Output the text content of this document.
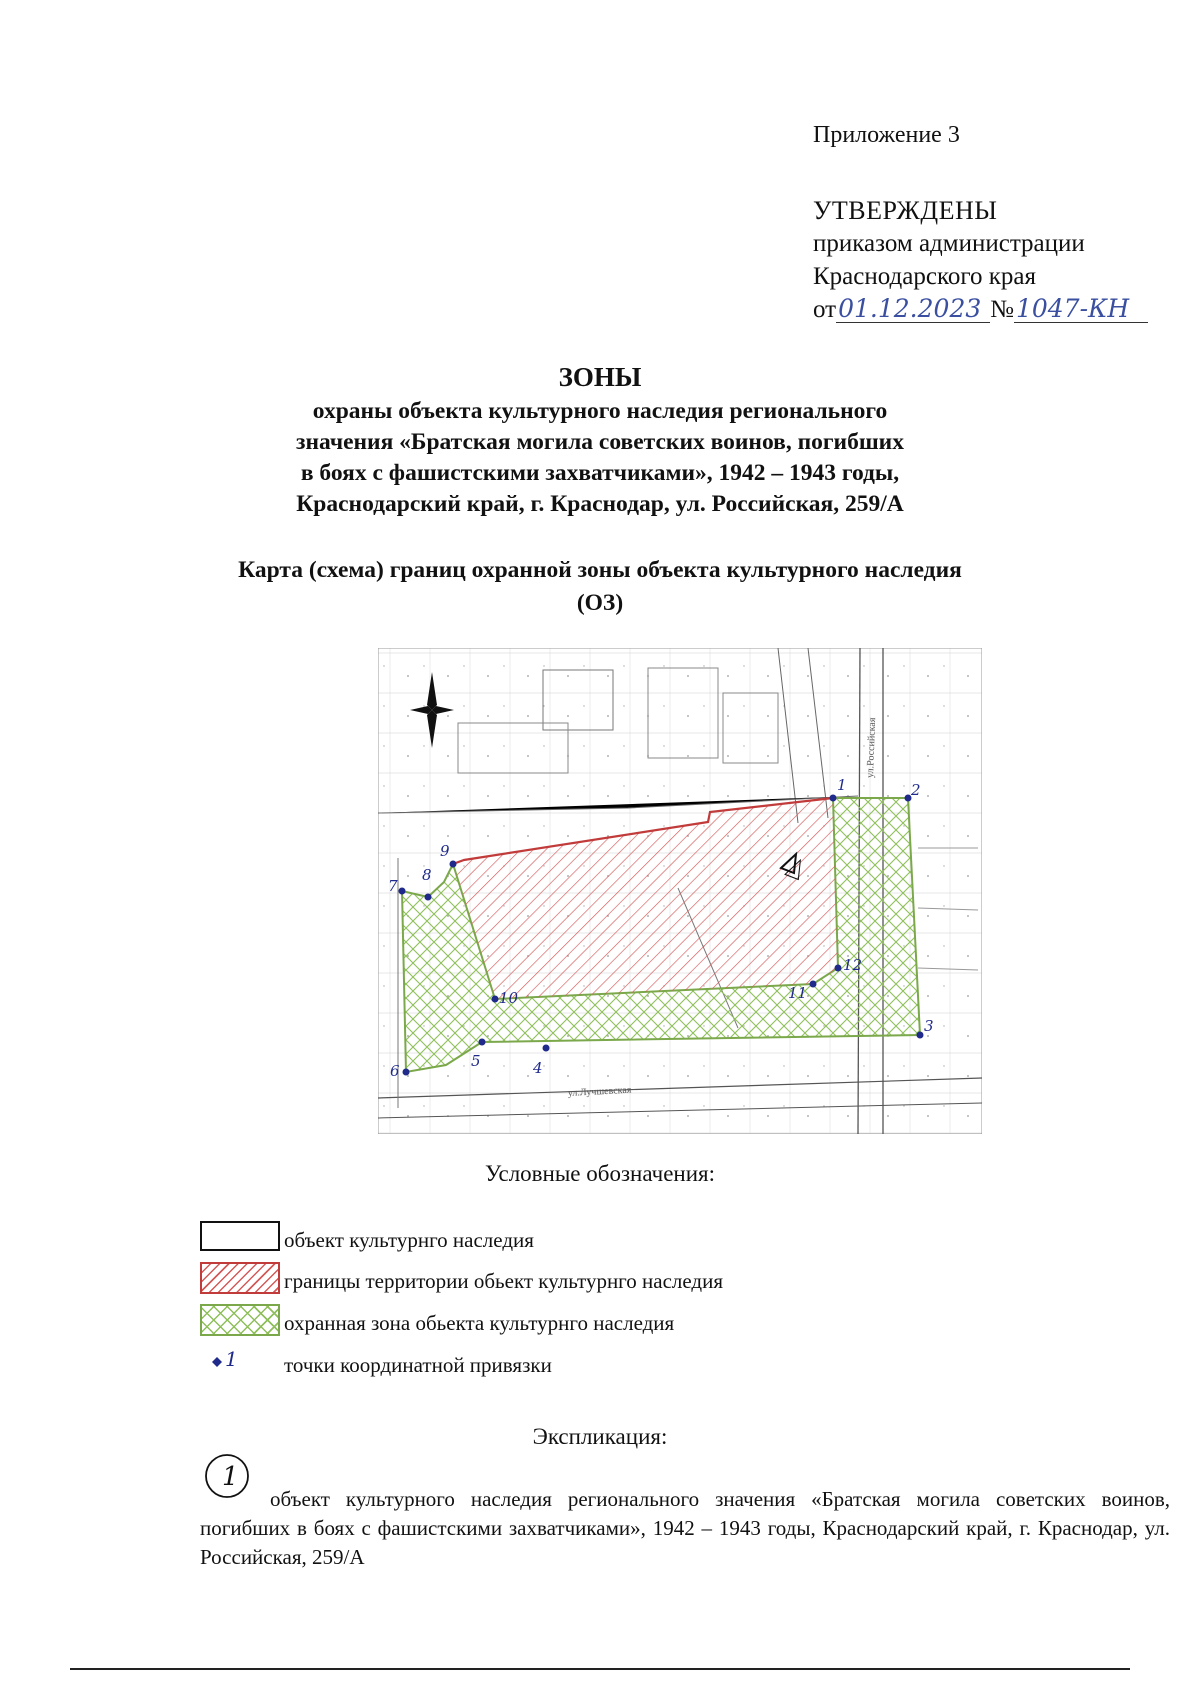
Приложение 3
УТВЕРЖДЕНЫ
приказом администрации
Краснодарского края
от01.12.2023 №1047-КН
ЗОНЫ
охраны объекта культурного наследия регионального
значения «Братская могила советских воинов, погибших
в боях с фашистскими захватчиками», 1942 – 1943 годы,
Краснодарский край, г. Краснодар, ул. Российская, 259/А
Карта (схема) границ охранной зоны объекта культурного наследия
(ОЗ)
ул.Лучшевская
ул.Российская
1	2
3
4
5
6
7
8
9
10	11
12
Условные обозначения:
объект культурнго наследия
границы территории обьект культурнго наследия
охранная зона обьекта культурнго наследия
1 точки координатной привязки
Экспликация:
1
объект культурного наследия регионального значения «Братская могила советских воинов, погибших в боях с фашистскими захватчиками», 1942 – 1943 годы, Краснодарский край, г. Краснодар, ул. Российская, 259/А
